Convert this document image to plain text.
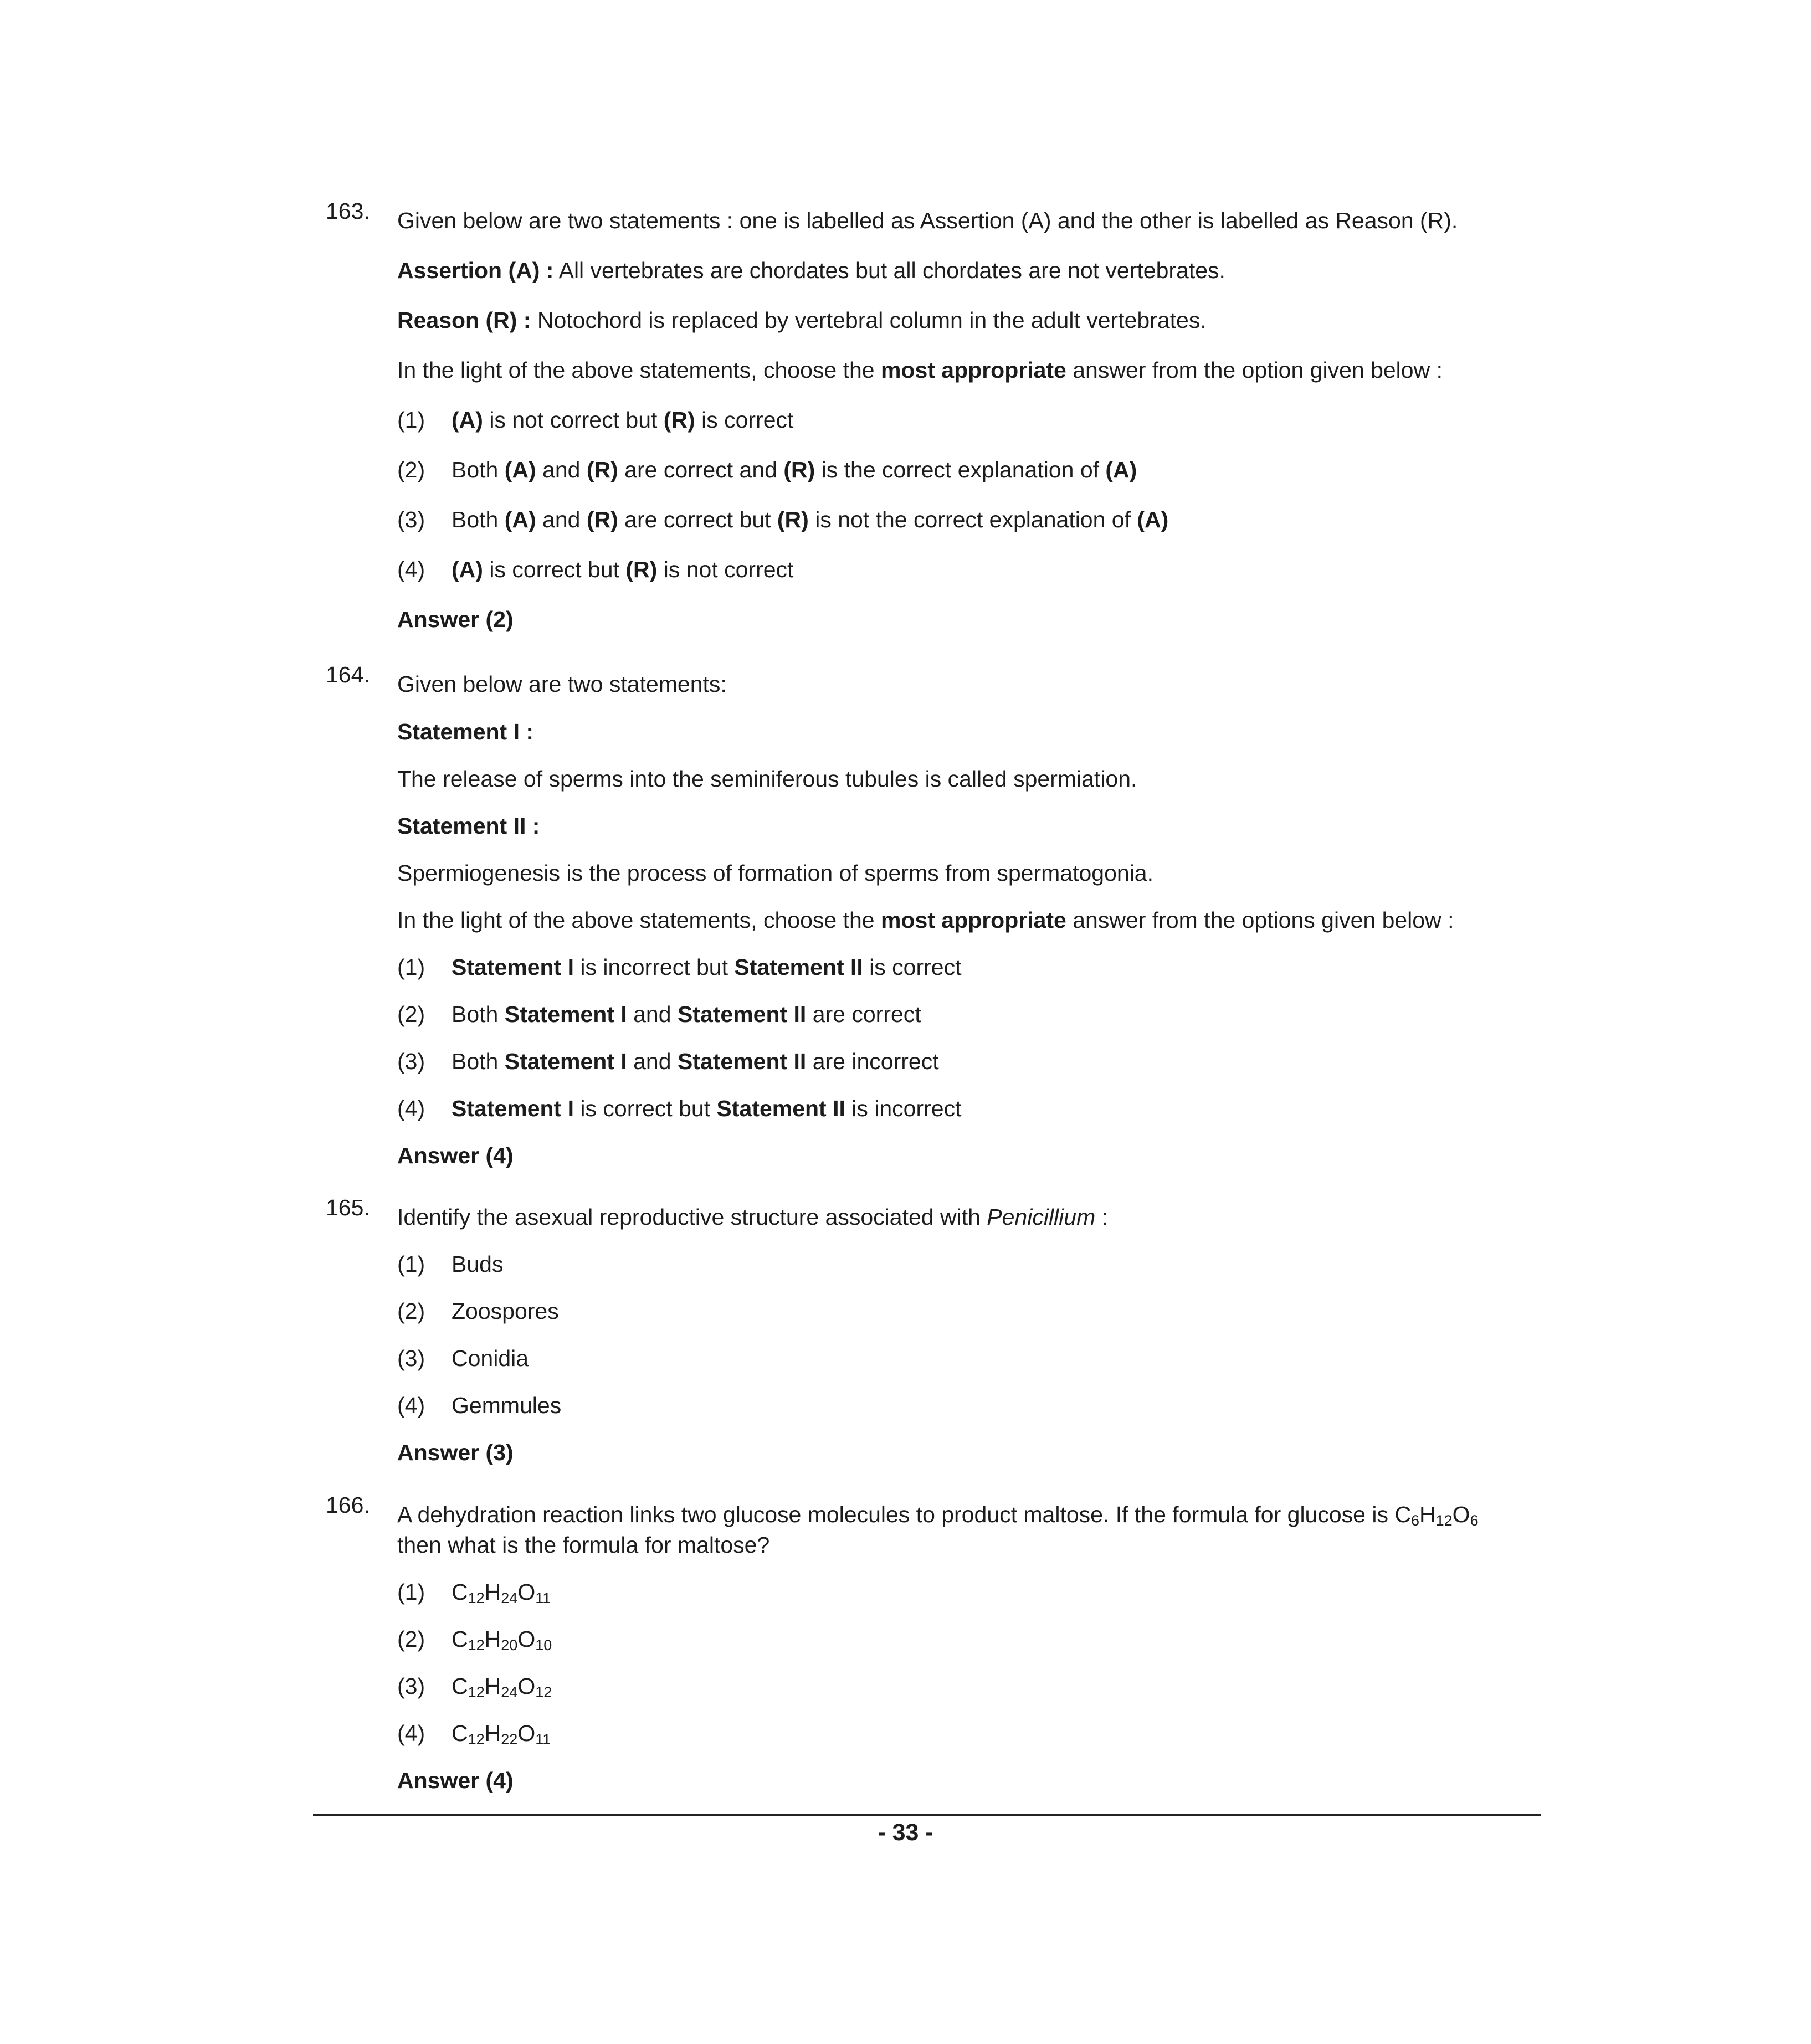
163. Given below are two statements : one is labelled as Assertion (A) and the other is labelled as Reason (R).
Assertion (A) : All vertebrates are chordates but all chordates are not vertebrates.
Reason (R) : Notochord is replaced by vertebral column in the adult vertebrates.
In the light of the above statements, choose the most appropriate answer from the option given below :
(1) (A) is not correct but (R) is correct
(2) Both (A) and (R) are correct and (R) is the correct explanation of (A)
(3) Both (A) and (R) are correct but (R) is not the correct explanation of (A)
(4) (A) is correct but (R) is not correct
Answer (2)
164. Given below are two statements:
Statement I :
The release of sperms into the seminiferous tubules is called spermiation.
Statement II :
Spermiogenesis is the process of formation of sperms from spermatogonia.
In the light of the above statements, choose the most appropriate answer from the options given below :
(1) Statement I is incorrect but Statement II is correct
(2) Both Statement I and Statement II are correct
(3) Both Statement I and Statement II are incorrect
(4) Statement I is correct but Statement II is incorrect
Answer (4)
165. Identify the asexual reproductive structure associated with Penicillium :
(1) Buds
(2) Zoospores
(3) Conidia
(4) Gemmules
Answer (3)
166. A dehydration reaction links two glucose molecules to product maltose. If the formula for glucose is $C_6H_{12}O_6$
then what is the formula for maltose?
(1) $C_{12}H_{24}O_{11}$
(2) $C_{12}H_{20}O_{10}$
(3) $C_{12}H_{24}O_{12}$
(4) $C_{12}H_{22}O_{11}$
Answer (4)
- 33 -
